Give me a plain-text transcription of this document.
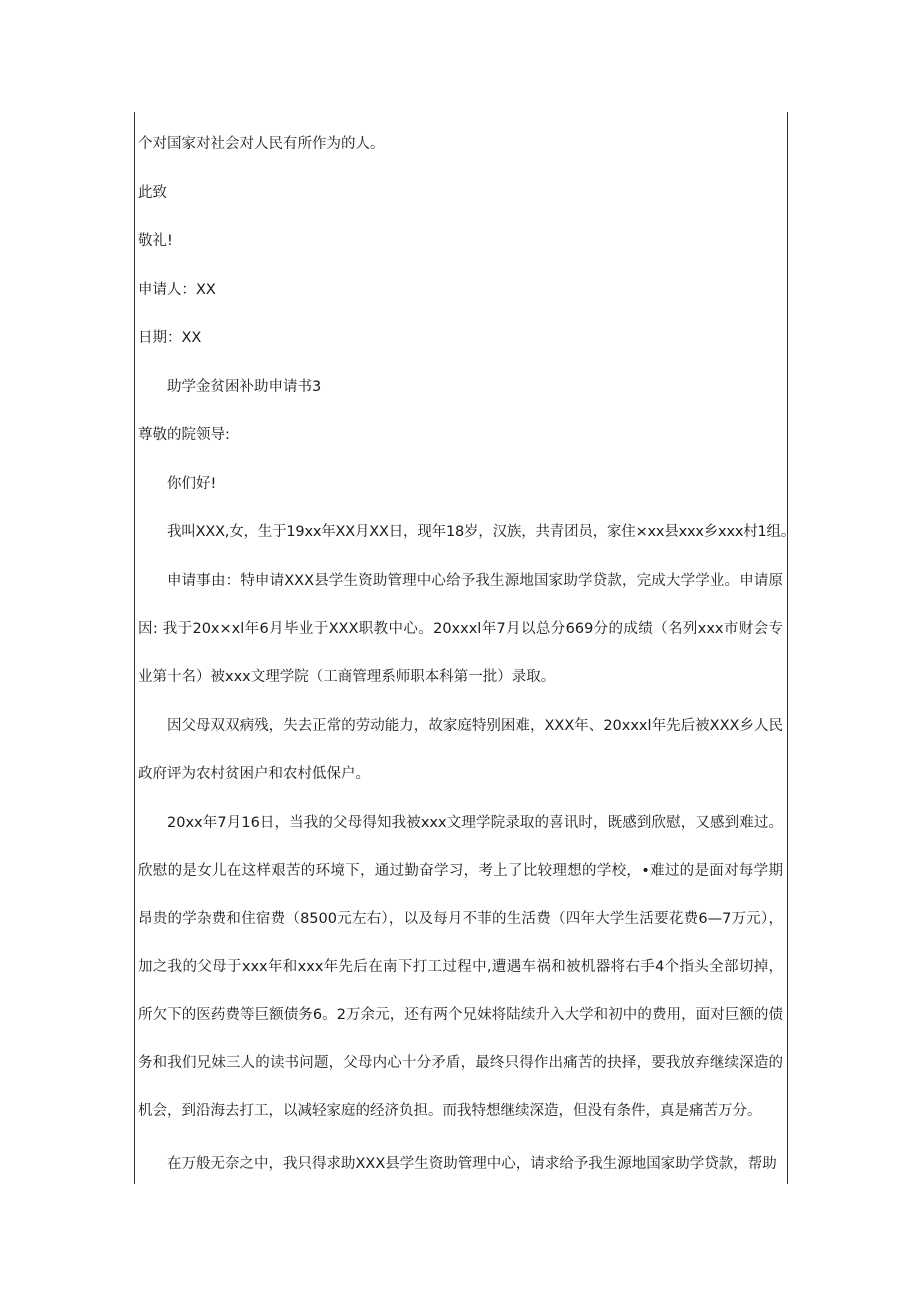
个对国家对社会对人民有所作为的人。
此致
敬礼!
申请人：XX
日期：XX
助学金贫困补助申请书3
尊敬的院领导:
你们好!
我叫XXX,女，生于19xx年XX月XX日，现年18岁，汉族，共青团员，家住×xx县xxx乡xxx村1组。
申请事由：特申请XXX县学生资助管理中心给予我生源地国家助学贷款，完成大学学业。申请原因: 我于20x×xl年6月毕业于XXX职教中心。20xxxl年7月以总分669分的成绩（名列xxx市财会专业第十名）被xxx文理学院（工商管理系师职本科第一批）录取。
因父母双双病残，失去正常的劳动能力，故家庭特别困难，XXX年、20xxxl年先后被XXX乡人民政府评为农村贫困户和农村低保户。
20xx年7月16日，当我的父母得知我被xxx文理学院录取的喜讯时，既感到欣慰，又感到难过。欣慰的是女儿在这样艰苦的环境下，通过勤奋学习，考上了比较理想的学校，•难过的是面对每学期昂贵的学杂费和住宿费（8500元左右），以及每月不菲的生活费（四年大学生活要花费6—7万元），加之我的父母于xxx年和xxx年先后在南下打工过程中,遭遇车祸和被机器将右手4个指头全部切掉，所欠下的医药费等巨额债务6。2万余元，还有两个兄妹将陆续升入大学和初中的费用，面对巨额的债务和我们兄妹三人的读书问题，父母内心十分矛盾，最终只得作出痛苦的抉择，要我放弃继续深造的机会，到沿海去打工，以减轻家庭的经济负担。而我特想继续深造，但没有条件，真是痛苦万分。
在万般无奈之中，我只得求助XXX县学生资助管理中心，请求给予我生源地国家助学贷款，帮助
